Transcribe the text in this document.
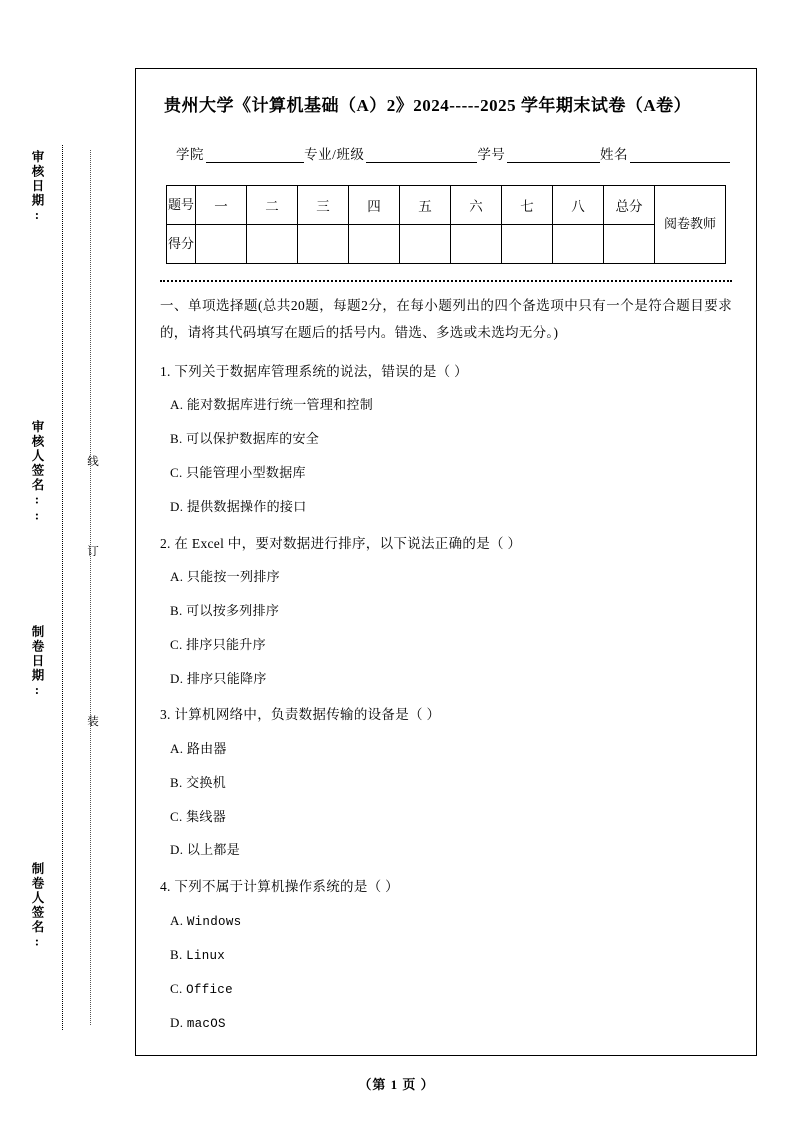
审核日期:
审核人签名::
制卷日期:
制卷人签名:
线
订
装
贵州大学《计算机基础（A）2》2024-----2025 学年期末试卷（A卷）
学院	专业/班级	学号	姓名
题号	一	二	三	四	五	六	七	八	总分	阅卷教师
得分										
一、单项选择题(总共20题，每题2分，在每小题列出的四个备选项中只有一个是符合题目要求的，请将其代码填写在题后的括号内。错选、多选或未选均无分。)
1. 下列关于数据库管理系统的说法，错误的是（ ）
A. 能对数据库进行统一管理和控制
B. 可以保护数据库的安全
C. 只能管理小型数据库
D. 提供数据操作的接口
2. 在 Excel 中，要对数据进行排序，以下说法正确的是（ ）
A. 只能按一列排序
B. 可以按多列排序
C. 排序只能升序
D. 排序只能降序
3. 计算机网络中，负责数据传输的设备是（ ）
A. 路由器
B. 交换机
C. 集线器
D. 以上都是
4. 下列不属于计算机操作系统的是（ ）
A. Windows
B. Linux
C. Office
D. macOS
（第 1 页 ）
